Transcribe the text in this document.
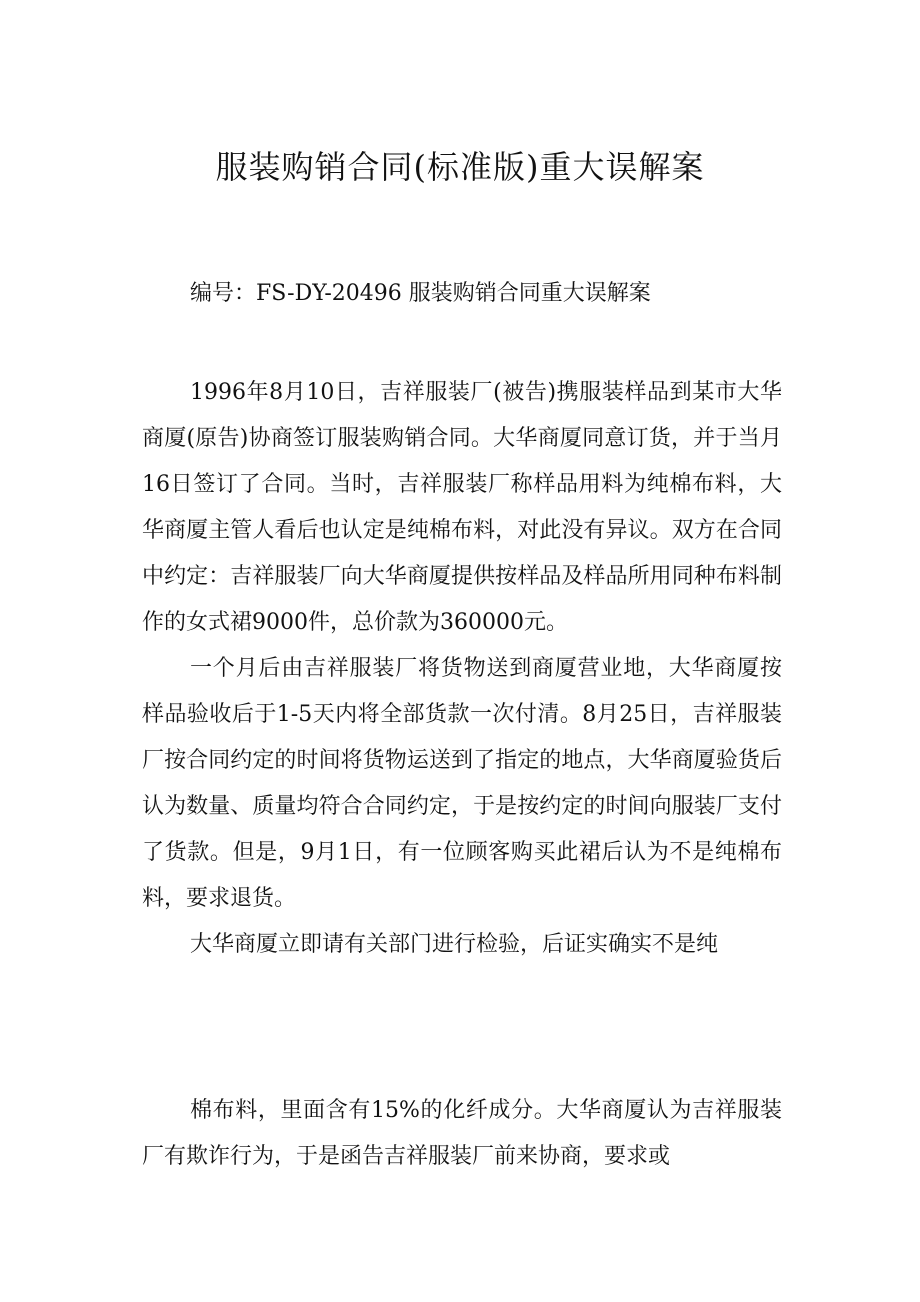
服装购销合同(标准版)重大误解案

编号：FS-DY-20496 服装购销合同重大误解案

1996年8月10日，吉祥服装厂(被告)携服装样品到某市大华商厦(原告)协商签订服装购销合同。大华商厦同意订货，并于当月16日签订了合同。当时，吉祥服装厂称样品用料为纯棉布料，大华商厦主管人看后也认定是纯棉布料，对此没有异议。双方在合同中约定：吉祥服装厂向大华商厦提供按样品及样品所用同种布料制作的女式裙9000件，总价款为360000元。

一个月后由吉祥服装厂将货物送到商厦营业地，大华商厦按样品验收后于1-5天内将全部货款一次付清。8月25日，吉祥服装厂按合同约定的时间将货物运送到了指定的地点，大华商厦验货后认为数量、质量均符合合同约定，于是按约定的时间向服装厂支付了货款。但是，9月1日，有一位顾客购买此裙后认为不是纯棉布料，要求退货。

大华商厦立即请有关部门进行检验，后证实确实不是纯

棉布料，里面含有15%的化纤成分。大华商厦认为吉祥服装厂有欺诈行为，于是函告吉祥服装厂前来协商，要求或
